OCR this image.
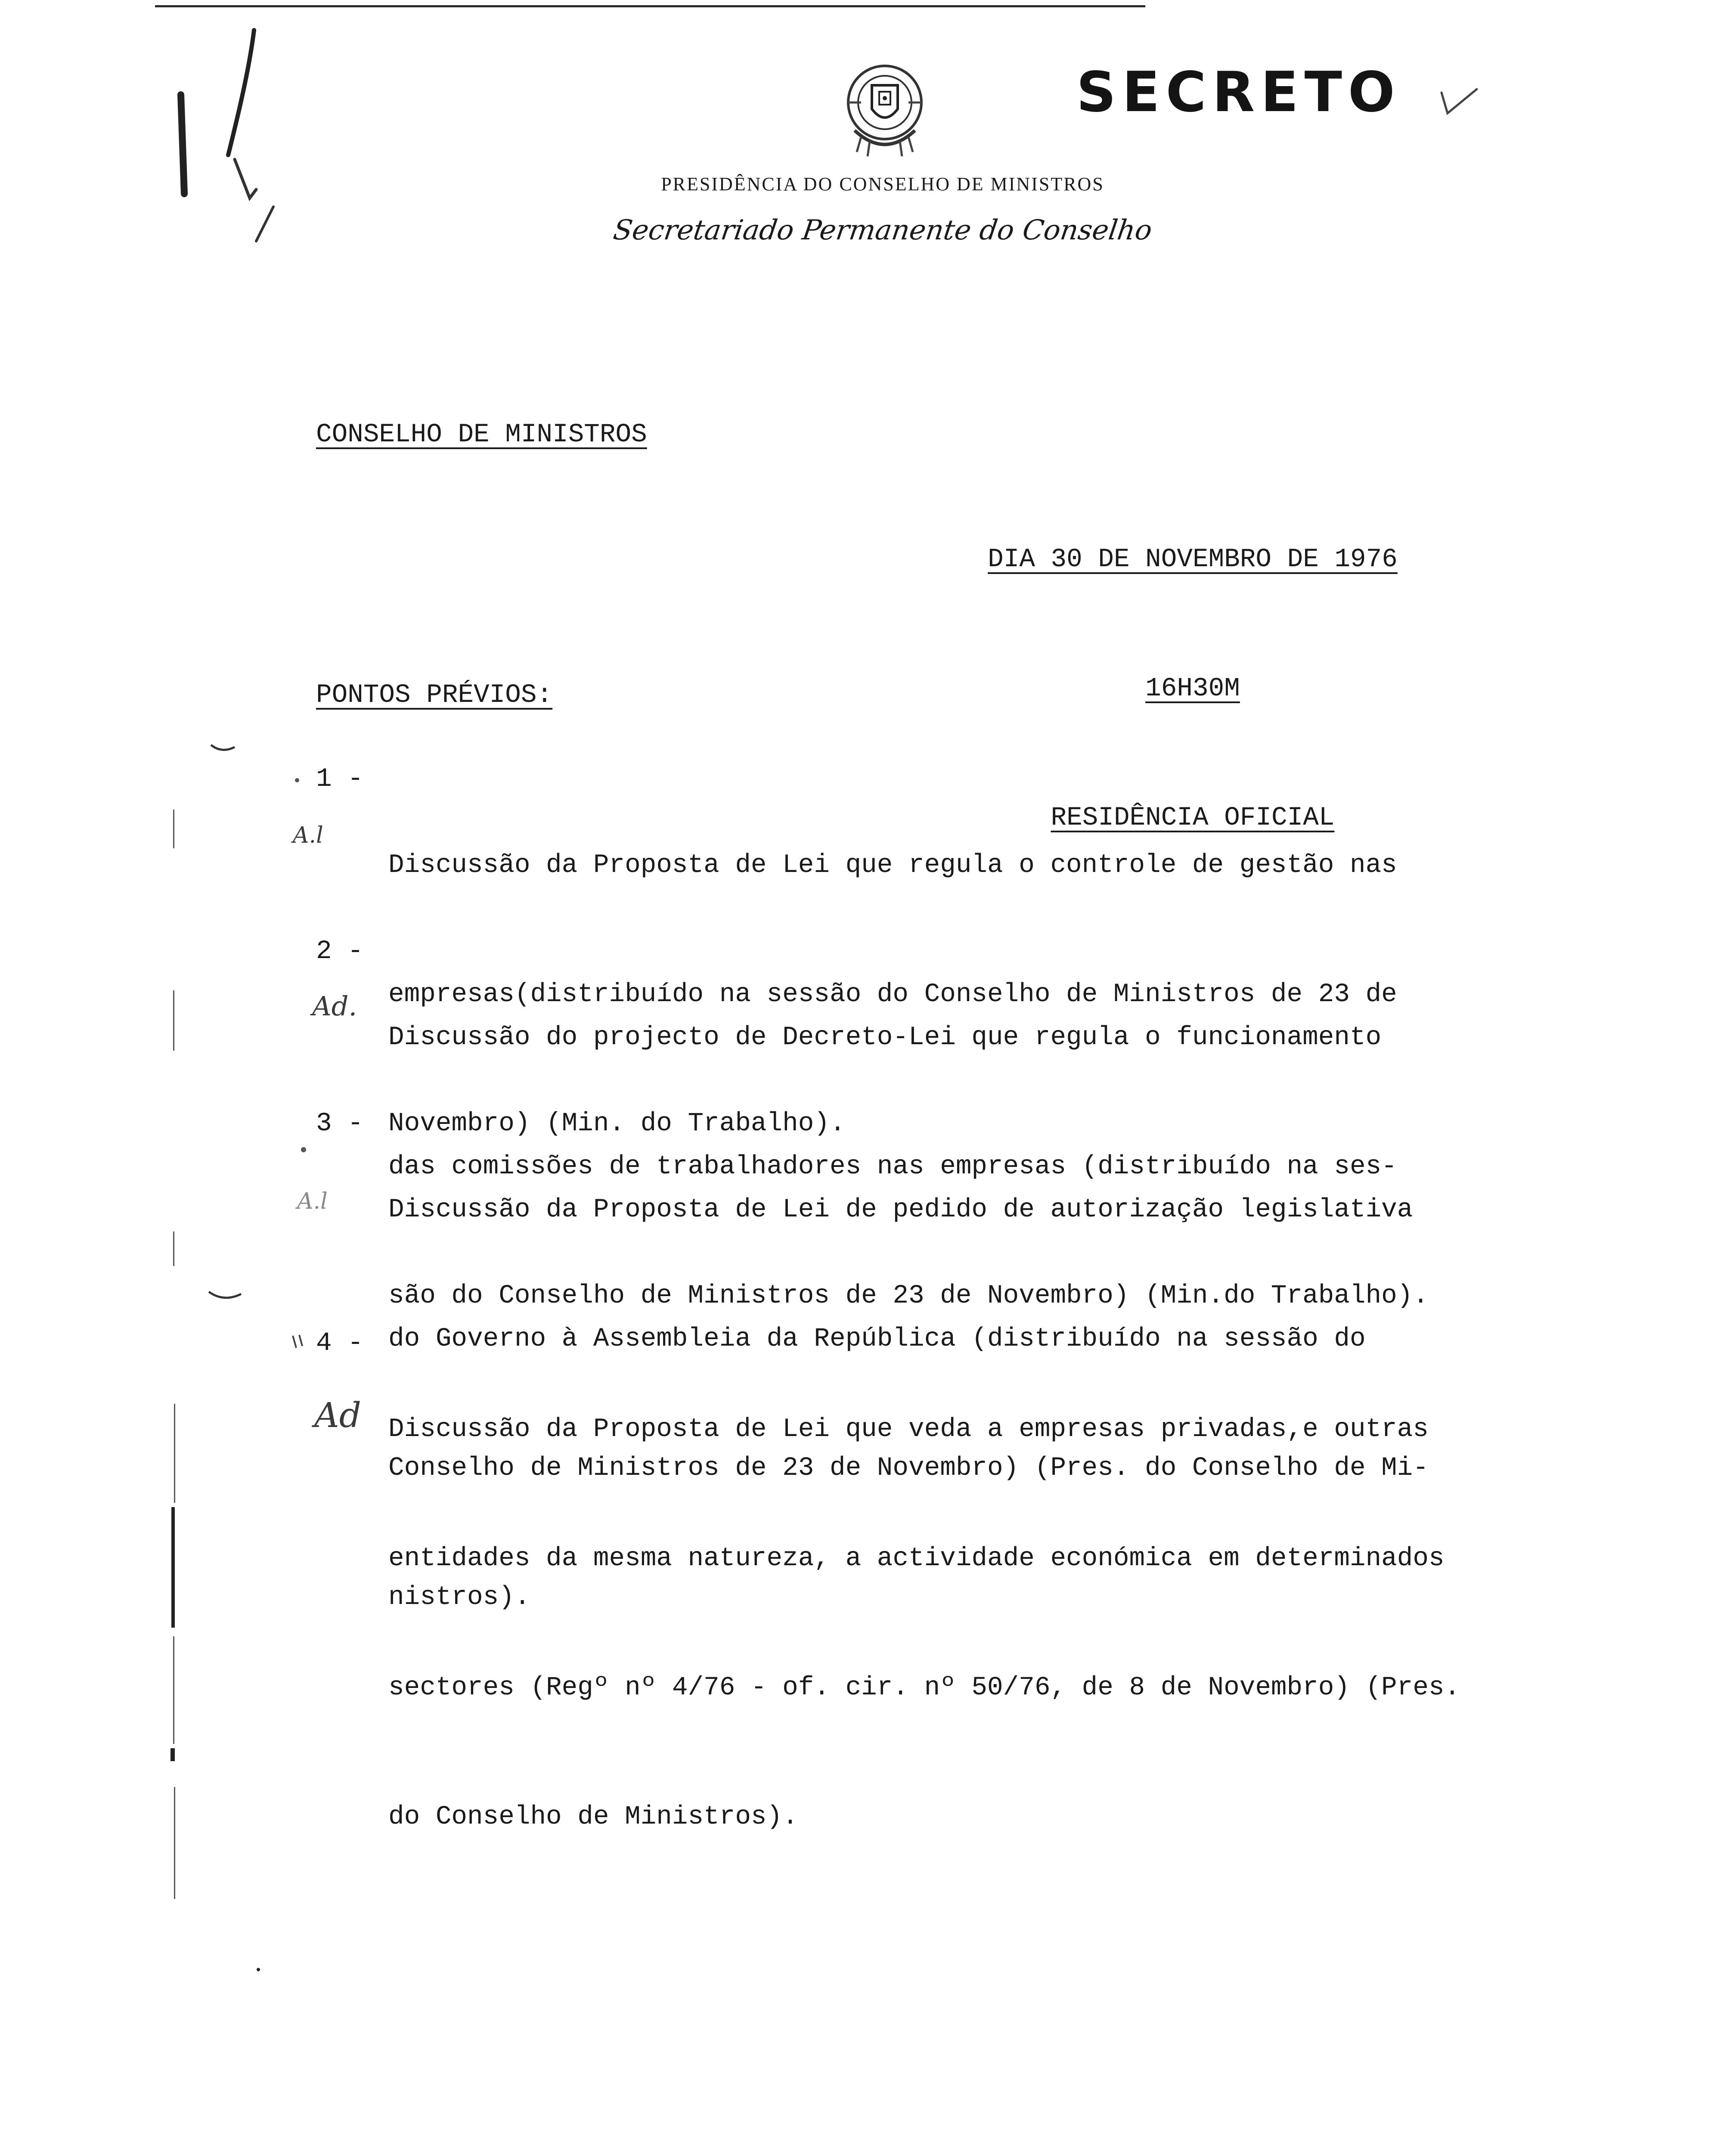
SECRETO
PRESIDÊNCIA DO CONSELHO DE MINISTROS
Secretariado Permanente do Conselho
CONSELHO DE MINISTROS

DIA 30 DE NOVEMBRO DE 1976

16H30M

RESIDÊNCIA OFICIAL

PONTOS PRÉVIOS:

1 -

Discussão da Proposta de Lei que regula o controle de gestão nas

empresas(distribuído na sessão do Conselho de Ministros de 23 de

Novembro) (Min. do Trabalho).

2 -

Discussão do projecto de Decreto-Lei que regula o funcionamento

das comissões de trabalhadores nas empresas (distribuído na ses-

são do Conselho de Ministros de 23 de Novembro) (Min.do Trabalho).

3 -

Discussão da Proposta de Lei de pedido de autorização legislativa

do Governo à Assembleia da República (distribuído na sessão do

Conselho de Ministros de 23 de Novembro) (Pres. do Conselho de Mi-

nistros).

4 -

Discussão da Proposta de Lei que veda a empresas privadas,e outras

entidades da mesma natureza, a actividade económica em determinados

sectores (Regº nº 4/76 - of. cir. nº 50/76, de 8 de Novembro) (Pres.

do Conselho de Ministros).

A.l
Ad.
A.l
Ad
